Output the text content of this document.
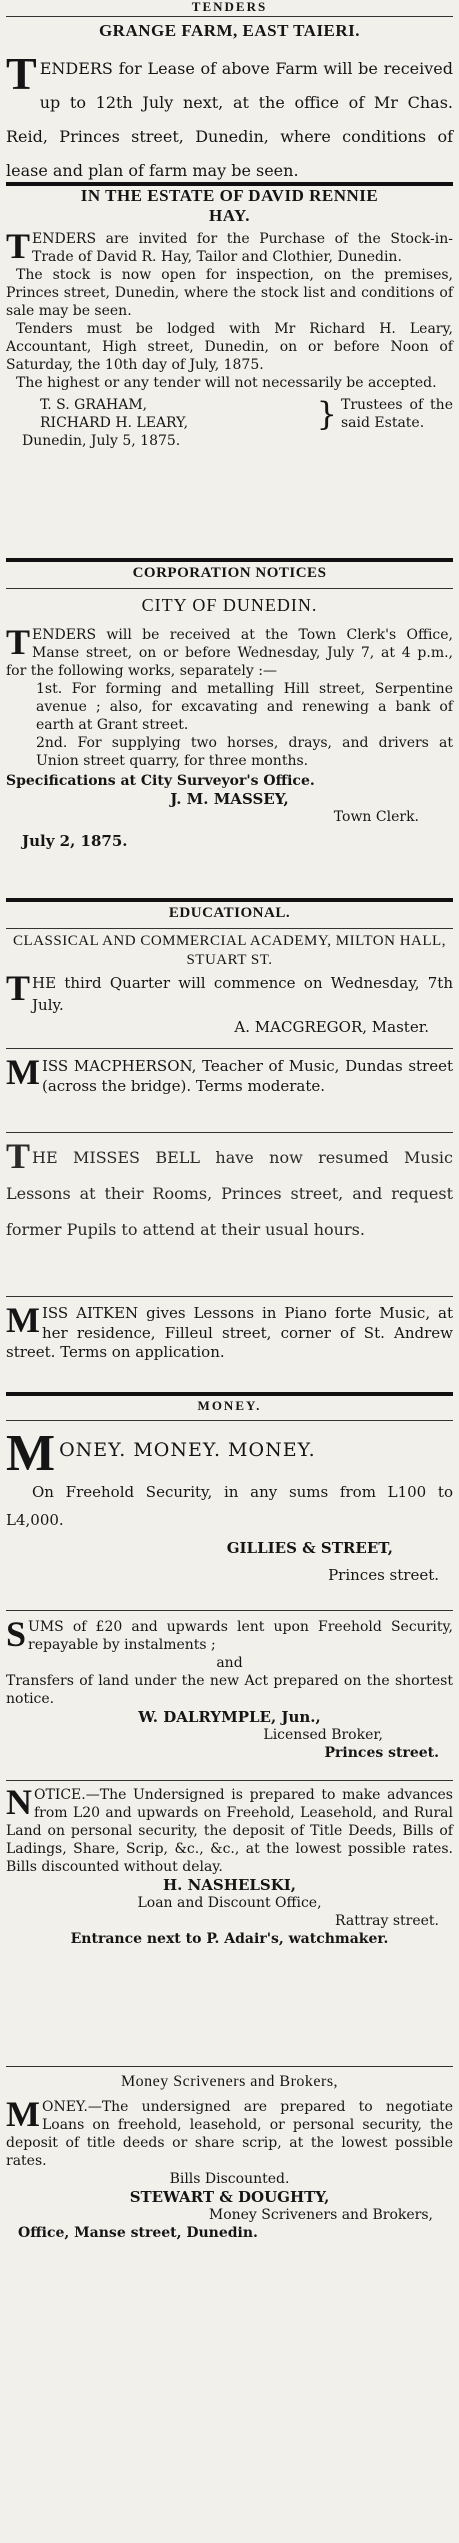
TENDERS
GRANGE FARM, EAST TAIERI.
TENDERS for Lease of above Farm will be received up to 12th July next, at the office of Mr Chas. Reid, Princes street, Dunedin, where conditions of lease and plan of farm may be seen.
IN THE ESTATE OF DAVID RENNIE
HAY.

TENDERS are invited for the Purchase of the Stock-in-Trade of David R. Hay, Tailor and Clothier, Dunedin.

The stock is now open for inspection, on the premises, Princes street, Dunedin, where the stock list and conditions of sale may be seen.

Tenders must be lodged with Mr Richard H. Leary, Accountant, High street, Dunedin, on or before Noon of Saturday, the 10th day of July, 1875.

The highest or any tender will not necessarily be accepted.

T. S. GRAHAM,
RICHARD H. LEARY,	} Trustees of the said Estate.

Dunedin, July 5, 1875.

CORPORATION NOTICES
CITY OF DUNEDIN.

TENDERS will be received at the Town Clerk's Office, Manse street, on or before Wednesday, July 7, at 4 p.m., for the following works, separately :—

1st. For forming and metalling Hill street, Serpentine avenue ; also, for excavating and renewing a bank of earth at Grant street.

2nd. For supplying two horses, drays, and drivers at Union street quarry, for three months.

Specifications at City Surveyor's Office.

J. M. MASSEY,

Town Clerk.

July 2, 1875.

EDUCATIONAL.
CLASSICAL AND COMMERCIAL ACADEMY, MILTON HALL, STUART ST.

THE third Quarter will commence on Wednesday, 7th July.

A. MACGREGOR, Master.

MISS MACPHERSON, Teacher of Music, Dundas street (across the bridge). Terms moderate.
THE MISSES BELL have now resumed Music Lessons at their Rooms, Princes street, and request former Pupils to attend at their usual hours.
MISS AITKEN gives Lessons in Piano forte Music, at her residence, Filleul street, corner of St. Andrew street. Terms on application.
MONEY.

MONEY. MONEY. MONEY.

On Freehold Security, in any sums from L100 to L4,000.

GILLIES & STREET,

Princes street.

SUMS of £20 and upwards lent upon Freehold Security, repayable by instalments ;

and

Transfers of land under the new Act prepared on the shortest notice.

W. DALRYMPLE, Jun.,

Licensed Broker,

Princes street.

NOTICE.—The Undersigned is prepared to make advances from L20 and upwards on Freehold, Leasehold, and Rural Land on personal security, the deposit of Title Deeds, Bills of Ladings, Share, Scrip, &c., &c., at the lowest possible rates. Bills discounted without delay.

H. NASHELSKI,

Loan and Discount Office,

Rattray street.

Entrance next to P. Adair's, watchmaker.

Money Scriveners and Brokers,

MONEY.—The undersigned are prepared to negotiate Loans on freehold, leasehold, or personal security, the deposit of title deeds or share scrip, at the lowest possible rates.

Bills Discounted.

STEWART & DOUGHTY,

Money Scriveners and Brokers,

Office, Manse street, Dunedin.
